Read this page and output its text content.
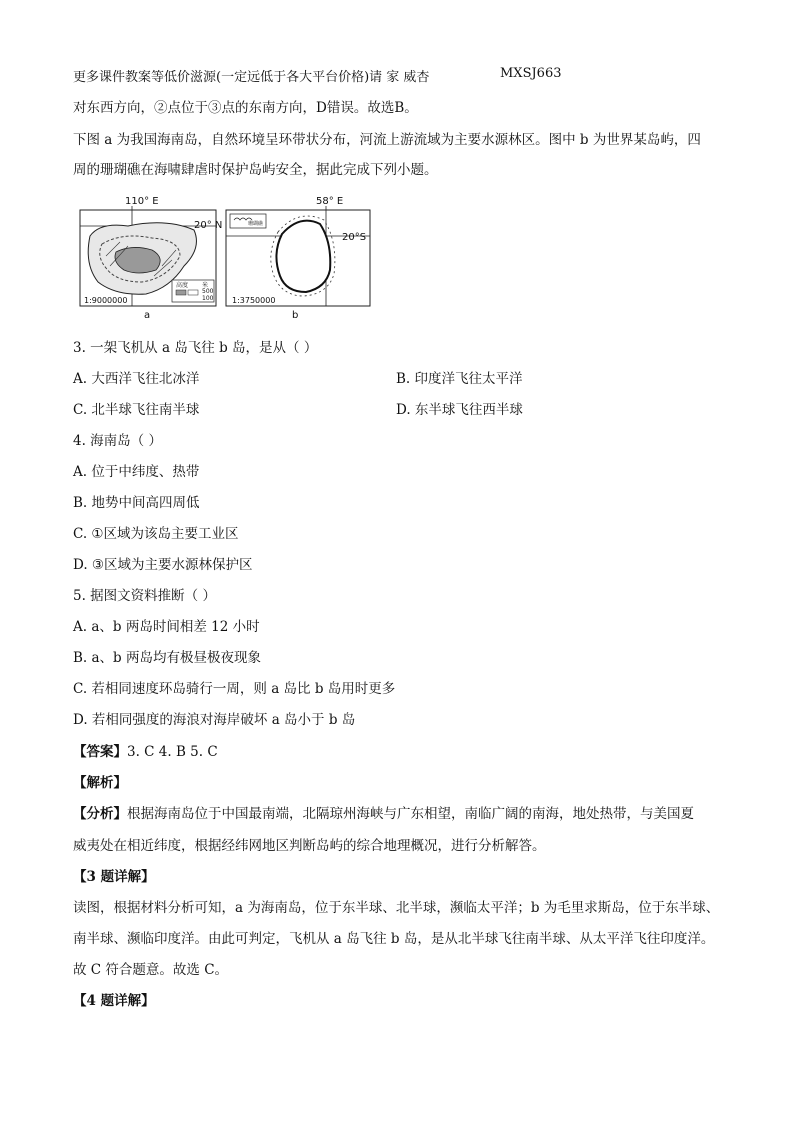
更多课件教案等低价滋源(一定远低于各大平台价格)请 家 威杏	MXSJ663
对东西方向，②点位于③点的东南方向，D错误。故选B。
下图 a 为我国海南岛，自然环境呈环带状分布，河流上游流域为主要水源林区。图中 b 为世界某岛屿，四
周的珊瑚礁在海啸肆虐时保护岛屿安全，据此完成下列小题。
110° E
20° N
1:9000000
高度 米
500
100
a
58° E
20°S
1:3750000
珊瑚礁
b
3. 一架飞机从 a 岛飞往 b 岛，是从（ ）
A. 大西洋飞往北冰洋	B. 印度洋飞往太平洋
C. 北半球飞往南半球	D. 东半球飞往西半球
4. 海南岛（ ）
A. 位于中纬度、热带
B. 地势中间高四周低
C. ①区域为该岛主要工业区
D. ③区域为主要水源林保护区
5. 据图文资料推断（ ）
A. a、b 两岛时间相差 12 小时
B. a、b 两岛均有极昼极夜现象
C. 若相同速度环岛骑行一周，则 a 岛比 b 岛用时更多
D. 若相同强度的海浪对海岸破坏 a 岛小于 b 岛
【答案】3. C 4. B 5. C
【解析】
【分析】根据海南岛位于中国最南端，北隔琼州海峡与广东相望，南临广阔的南海，地处热带，与美国夏
威夷处在相近纬度，根据经纬网地区判断岛屿的综合地理概况，进行分析解答。
【3 题详解】
读图，根据材料分析可知，a 为海南岛，位于东半球、北半球，濒临太平洋；b 为毛里求斯岛，位于东半球、
南半球、濒临印度洋。由此可判定，飞机从 a 岛飞往 b 岛，是从北半球飞往南半球、从太平洋飞往印度洋。
故 C 符合题意。故选 C。
【4 题详解】
